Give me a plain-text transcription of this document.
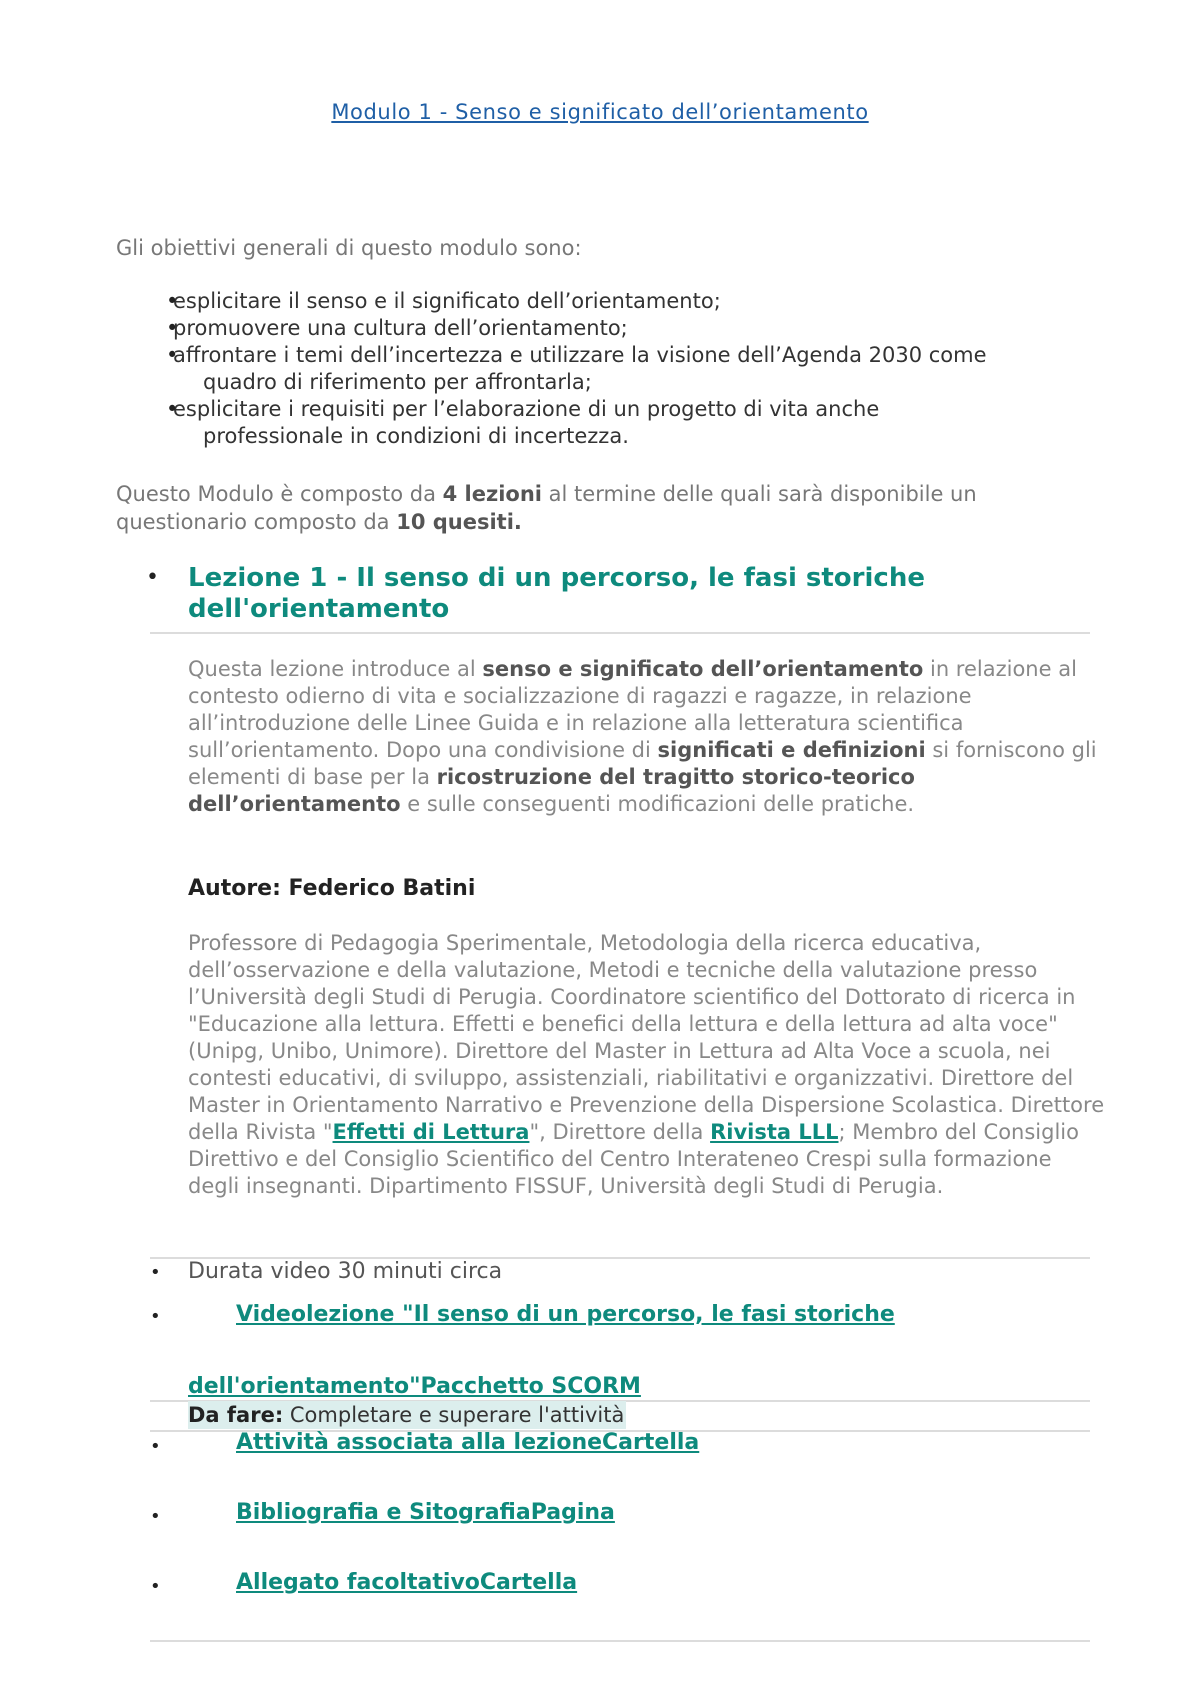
Modulo 1 - Senso e significato dell’orientamento
Gli obiettivi generali di questo modulo sono:
• esplicitare il senso e il significato dell’orientamento;
• promuovere una cultura dell’orientamento;
• affrontare i temi dell’incertezza e utilizzare la visione dell’Agenda 2030 come
quadro di riferimento per affrontarla;
• esplicitare i requisiti per l’elaborazione di un progetto di vita anche
professionale in condizioni di incertezza.
Questo Modulo è composto da 4 lezioni al termine delle quali sarà disponibile un questionario composto da 10 quesiti.
• Lezione 1 - Il senso di un percorso, le fasi storiche dell'orientamento
Questa lezione introduce al senso e significato dell’orientamento in relazione al contesto odierno di vita e socializzazione di ragazzi e ragazze, in relazione all’introduzione delle Linee Guida e in relazione alla letteratura scientifica sull’orientamento. Dopo una condivisione di significati e definizioni si forniscono gli elementi di base per la ricostruzione del tragitto storico-teorico dell’orientamento e sulle conseguenti modificazioni delle pratiche.
Autore: Federico Batini
Professore di Pedagogia Sperimentale, Metodologia della ricerca educativa, dell’osservazione e della valutazione, Metodi e tecniche della valutazione presso l’Università degli Studi di Perugia. Coordinatore scientifico del Dottorato di ricerca in "Educazione alla lettura. Effetti e benefici della lettura e della lettura ad alta voce" (Unipg, Unibo, Unimore). Direttore del Master in Lettura ad Alta Voce a scuola, nei contesti educativi, di sviluppo, assistenziali, riabilitativi e organizzativi. Direttore del Master in Orientamento Narrativo e Prevenzione della Dispersione Scolastica. Direttore della Rivista "Effetti di Lettura", Direttore della Rivista LLL; Membro del Consiglio Direttivo e del Consiglio Scientifico del Centro Interateneo Crespi sulla formazione degli insegnanti. Dipartimento FISSUF, Università degli Studi di Perugia.
• Durata video 30 minuti circa
•	Videolezione "Il senso di un percorso, le fasi storiche
dell'orientamento"Pacchetto SCORM
Da fare: Completare e superare l'attività
•	Attività associata alla lezioneCartella
•	Bibliografia e SitografiaPagina
•	Allegato facoltativoCartella
